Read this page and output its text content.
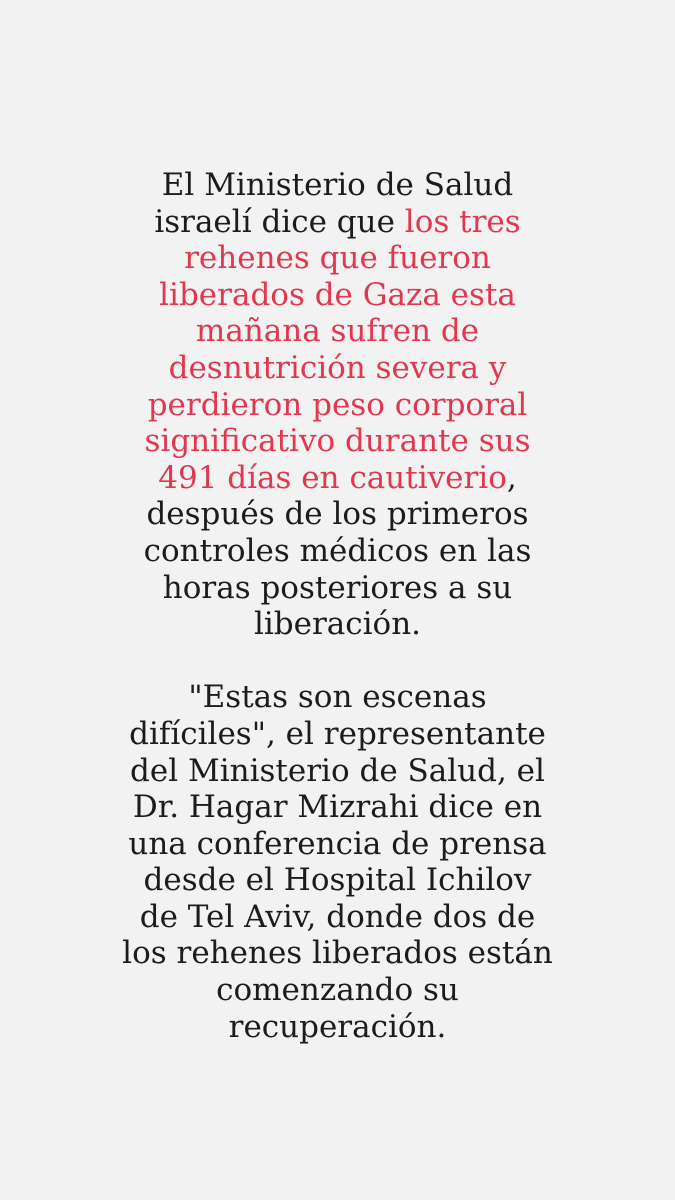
El Ministerio de Salud israelí dice que los tres rehenes que fueron liberados de Gaza esta mañana sufren de desnutrición severa y perdieron peso corporal significativo durante sus 491 días en cautiverio, después de los primeros controles médicos en las horas posteriores a su liberación.

"Estas son escenas difíciles", el representante del Ministerio de Salud, el Dr. Hagar Mizrahi dice en una conferencia de prensa desde el Hospital Ichilov de Tel Aviv, donde dos de los rehenes liberados están comenzando su recuperación.
